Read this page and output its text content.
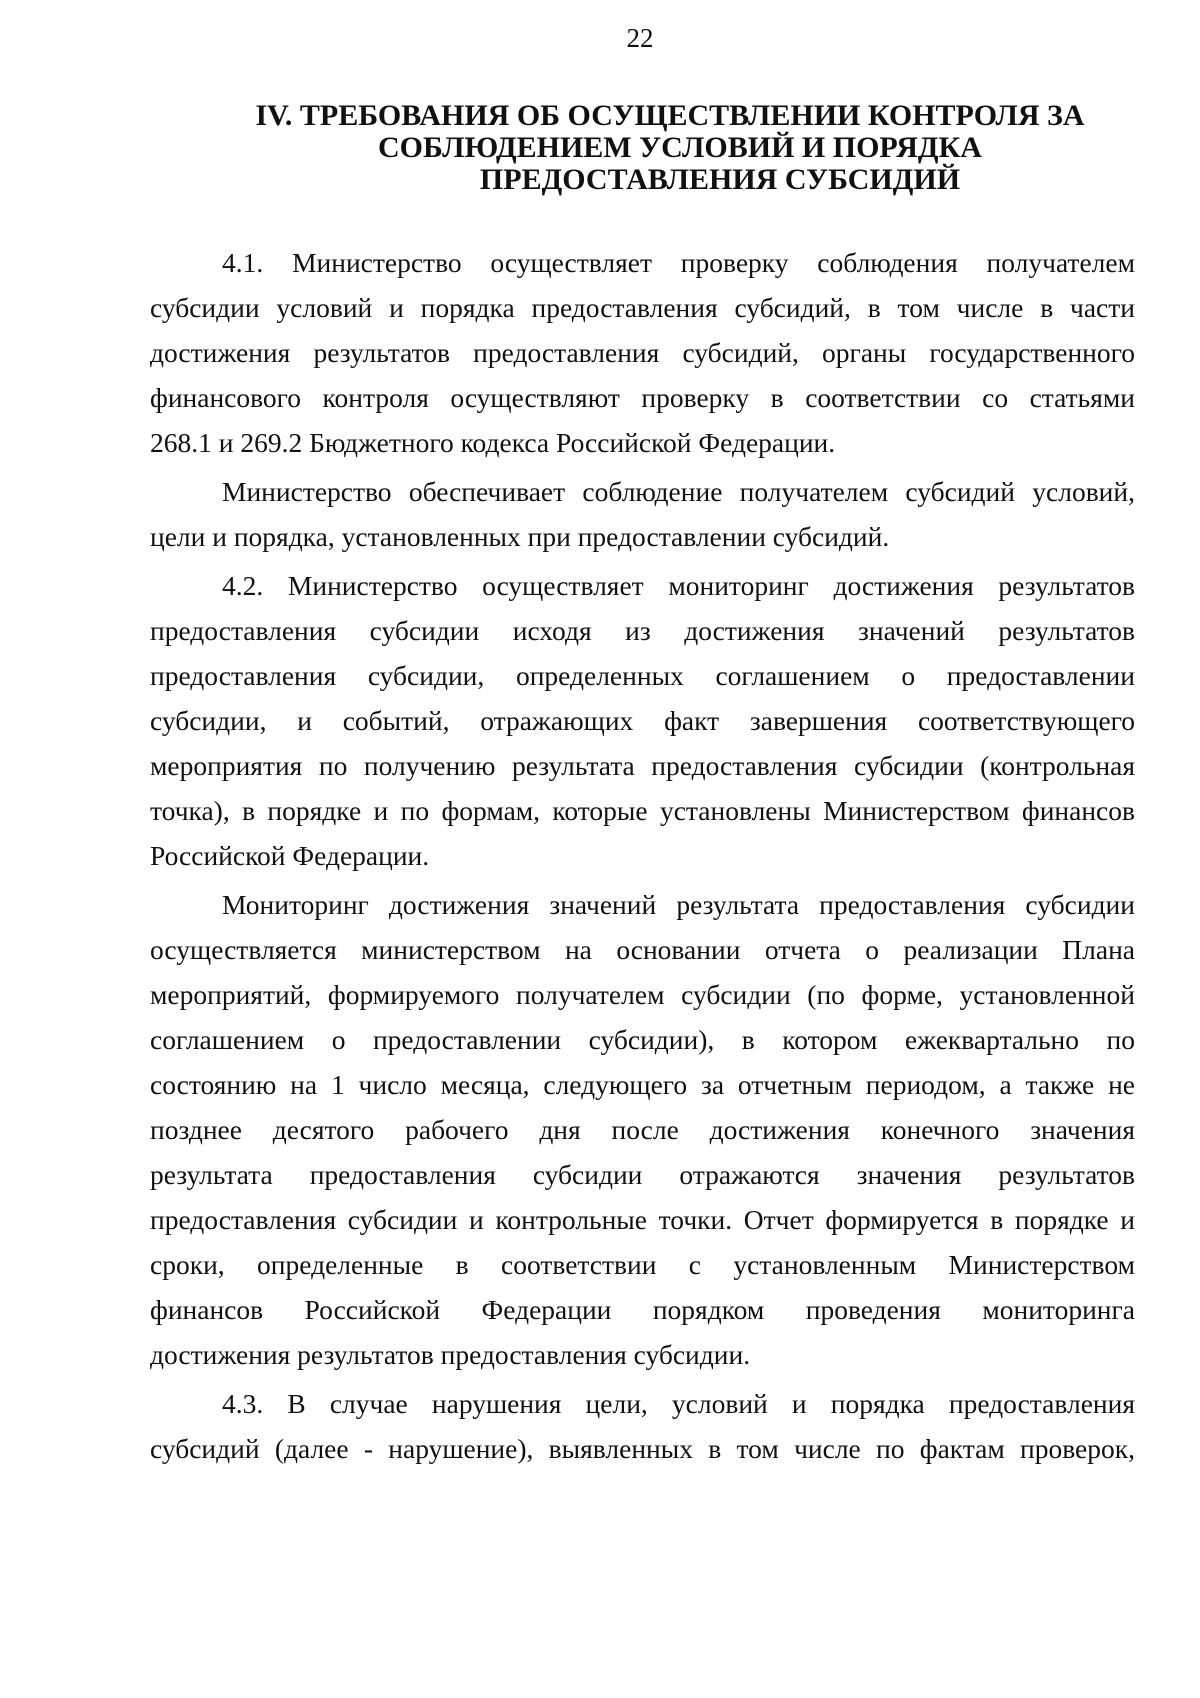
22
IV. ТРЕБОВАНИЯ ОБ ОСУЩЕСТВЛЕНИИ КОНТРОЛЯ ЗА
СОБЛЮДЕНИЕМ УСЛОВИЙ И ПОРЯДКА
ПРЕДОСТАВЛЕНИЯ СУБСИДИЙ
4.1. Министерство осуществляет проверку соблюдения получателем
субсидии условий и порядка предоставления субсидий, в том числе в части
достижения результатов предоставления субсидий, органы государственного
финансового контроля осуществляют проверку в соответствии со статьями
268.1 и 269.2 Бюджетного кодекса Российской Федерации.
Министерство обеспечивает соблюдение получателем субсидий условий,
цели и порядка, установленных при предоставлении субсидий.
4.2. Министерство осуществляет мониторинг достижения результатов
предоставления субсидии исходя из достижения значений результатов
предоставления субсидии, определенных соглашением о предоставлении
субсидии, и событий, отражающих факт завершения соответствующего
мероприятия по получению результата предоставления субсидии (контрольная
точка), в порядке и по формам, которые установлены Министерством финансов
Российской Федерации.
Мониторинг достижения значений результата предоставления субсидии
осуществляется министерством на основании отчета о реализации Плана
мероприятий, формируемого получателем субсидии (по форме, установленной
соглашением о предоставлении субсидии), в котором ежеквартально по
состоянию на 1 число месяца, следующего за отчетным периодом, а также не
позднее десятого рабочего дня после достижения конечного значения
результата предоставления субсидии отражаются значения результатов
предоставления субсидии и контрольные точки. Отчет формируется в порядке и
сроки, определенные в соответствии с установленным Министерством
финансов Российской Федерации порядком проведения мониторинга
достижения результатов предоставления субсидии.
4.3. В случае нарушения цели, условий и порядка предоставления
субсидий (далее - нарушение), выявленных в том числе по фактам проверок,
